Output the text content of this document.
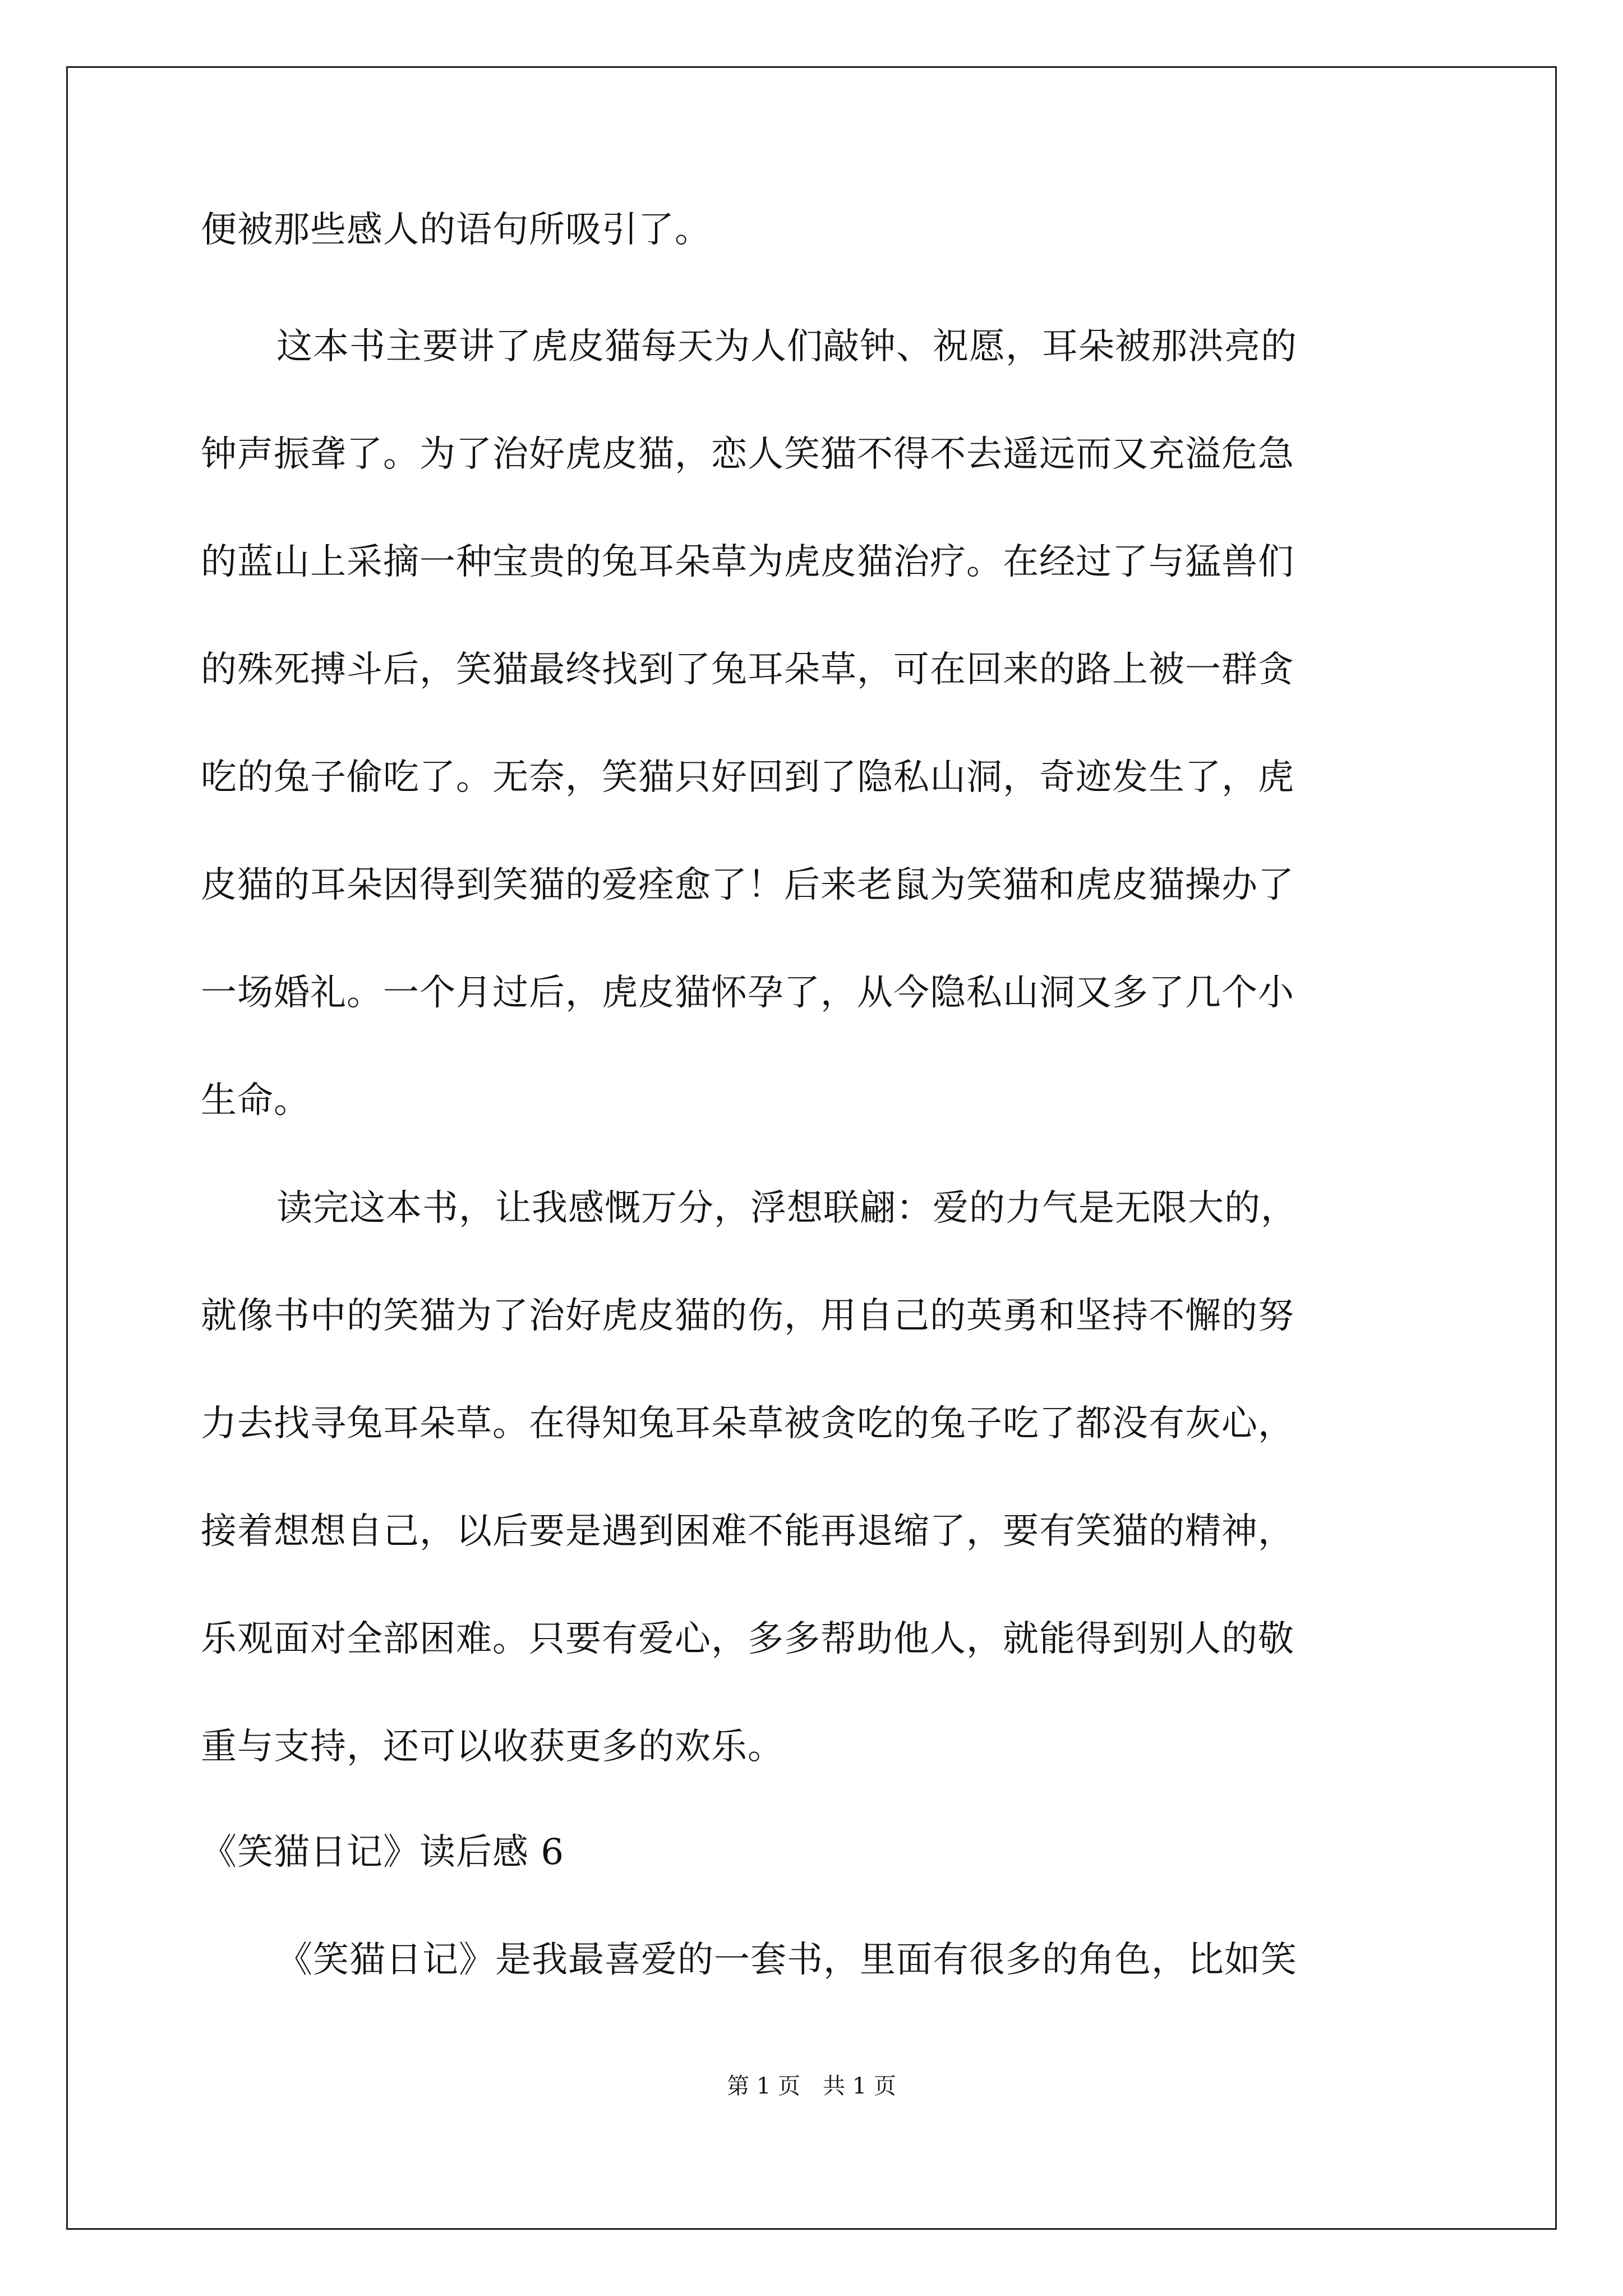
便被那些感人的语句所吸引了。
这本书主要讲了虎皮猫每天为人们敲钟、祝愿，耳朵被那洪亮的
钟声振聋了。为了治好虎皮猫，恋人笑猫不得不去遥远而又充溢危急
的蓝山上采摘一种宝贵的兔耳朵草为虎皮猫治疗。在经过了与猛兽们
的殊死搏斗后，笑猫最终找到了兔耳朵草，可在回来的路上被一群贪
吃的兔子偷吃了。无奈，笑猫只好回到了隐私山洞，奇迹发生了，虎
皮猫的耳朵因得到笑猫的爱痊愈了！后来老鼠为笑猫和虎皮猫操办了
一场婚礼。一个月过后，虎皮猫怀孕了，从今隐私山洞又多了几个小
生命。
读完这本书，让我感慨万分，浮想联翩：爱的力气是无限大的，
就像书中的笑猫为了治好虎皮猫的伤，用自己的英勇和坚持不懈的努
力去找寻兔耳朵草。在得知兔耳朵草被贪吃的兔子吃了都没有灰心，
接着想想自己，以后要是遇到困难不能再退缩了，要有笑猫的精神，
乐观面对全部困难。只要有爱心，多多帮助他人，就能得到别人的敬
重与支持，还可以收获更多的欢乐。
《笑猫日记》读后感 6
《笑猫日记》是我最喜爱的一套书，里面有很多的角色，比如笑
第 1 页　共 1 页
